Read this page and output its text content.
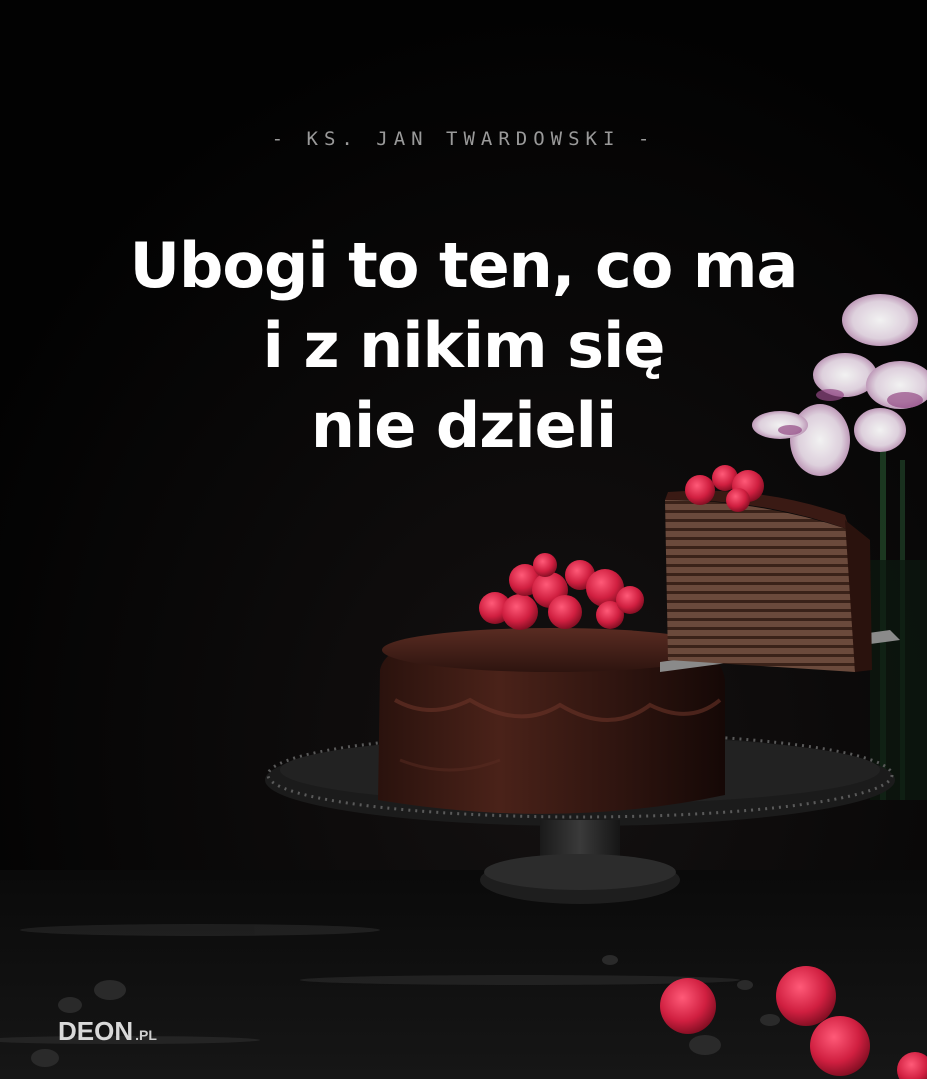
- KS. JAN TWARDOWSKI -
Ubogi to ten, co ma
i z nikim się
nie dzieli
DEON .PL
